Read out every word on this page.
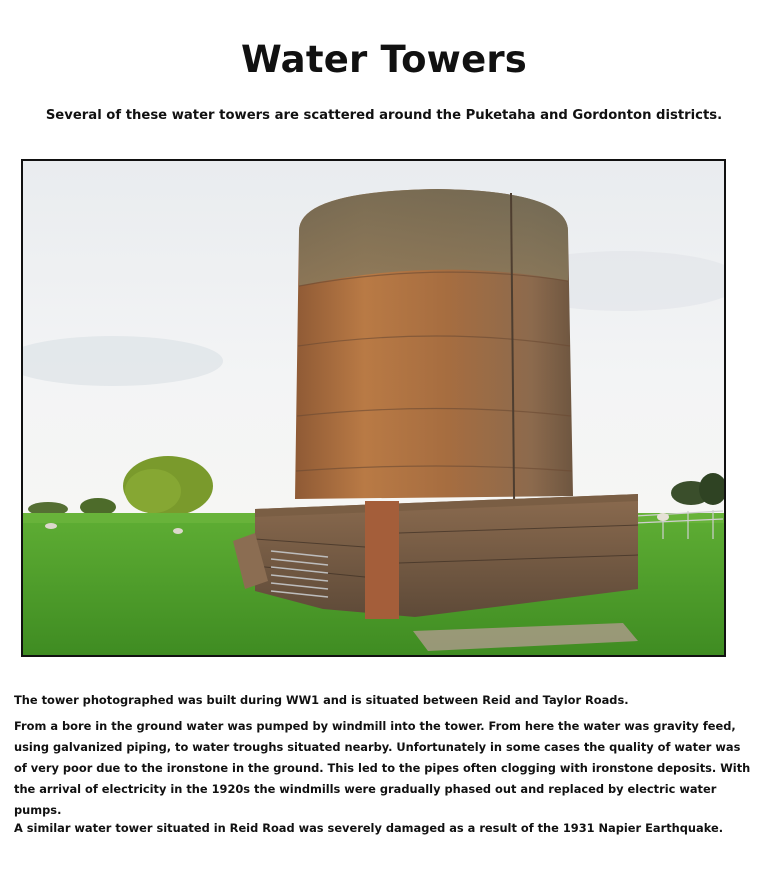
Water Towers

Several of these water towers are scattered around the Puketaha and Gordonton districts.

The tower photographed was built during WW1 and is situated between Reid and Taylor Roads.

From a bore in the ground water was pumped by windmill into the tower. From here the water was gravity feed, using galvanized piping, to water troughs situated nearby. Unfortunately in some cases the quality of water was of very poor due to the ironstone in the ground. This led to the pipes often clogging with ironstone deposits. With the arrival of electricity in the 1920s the windmills were gradually phased out and replaced by electric water pumps.

A similar water tower situated in Reid Road was severely damaged as a result of the 1931 Napier Earthquake.
